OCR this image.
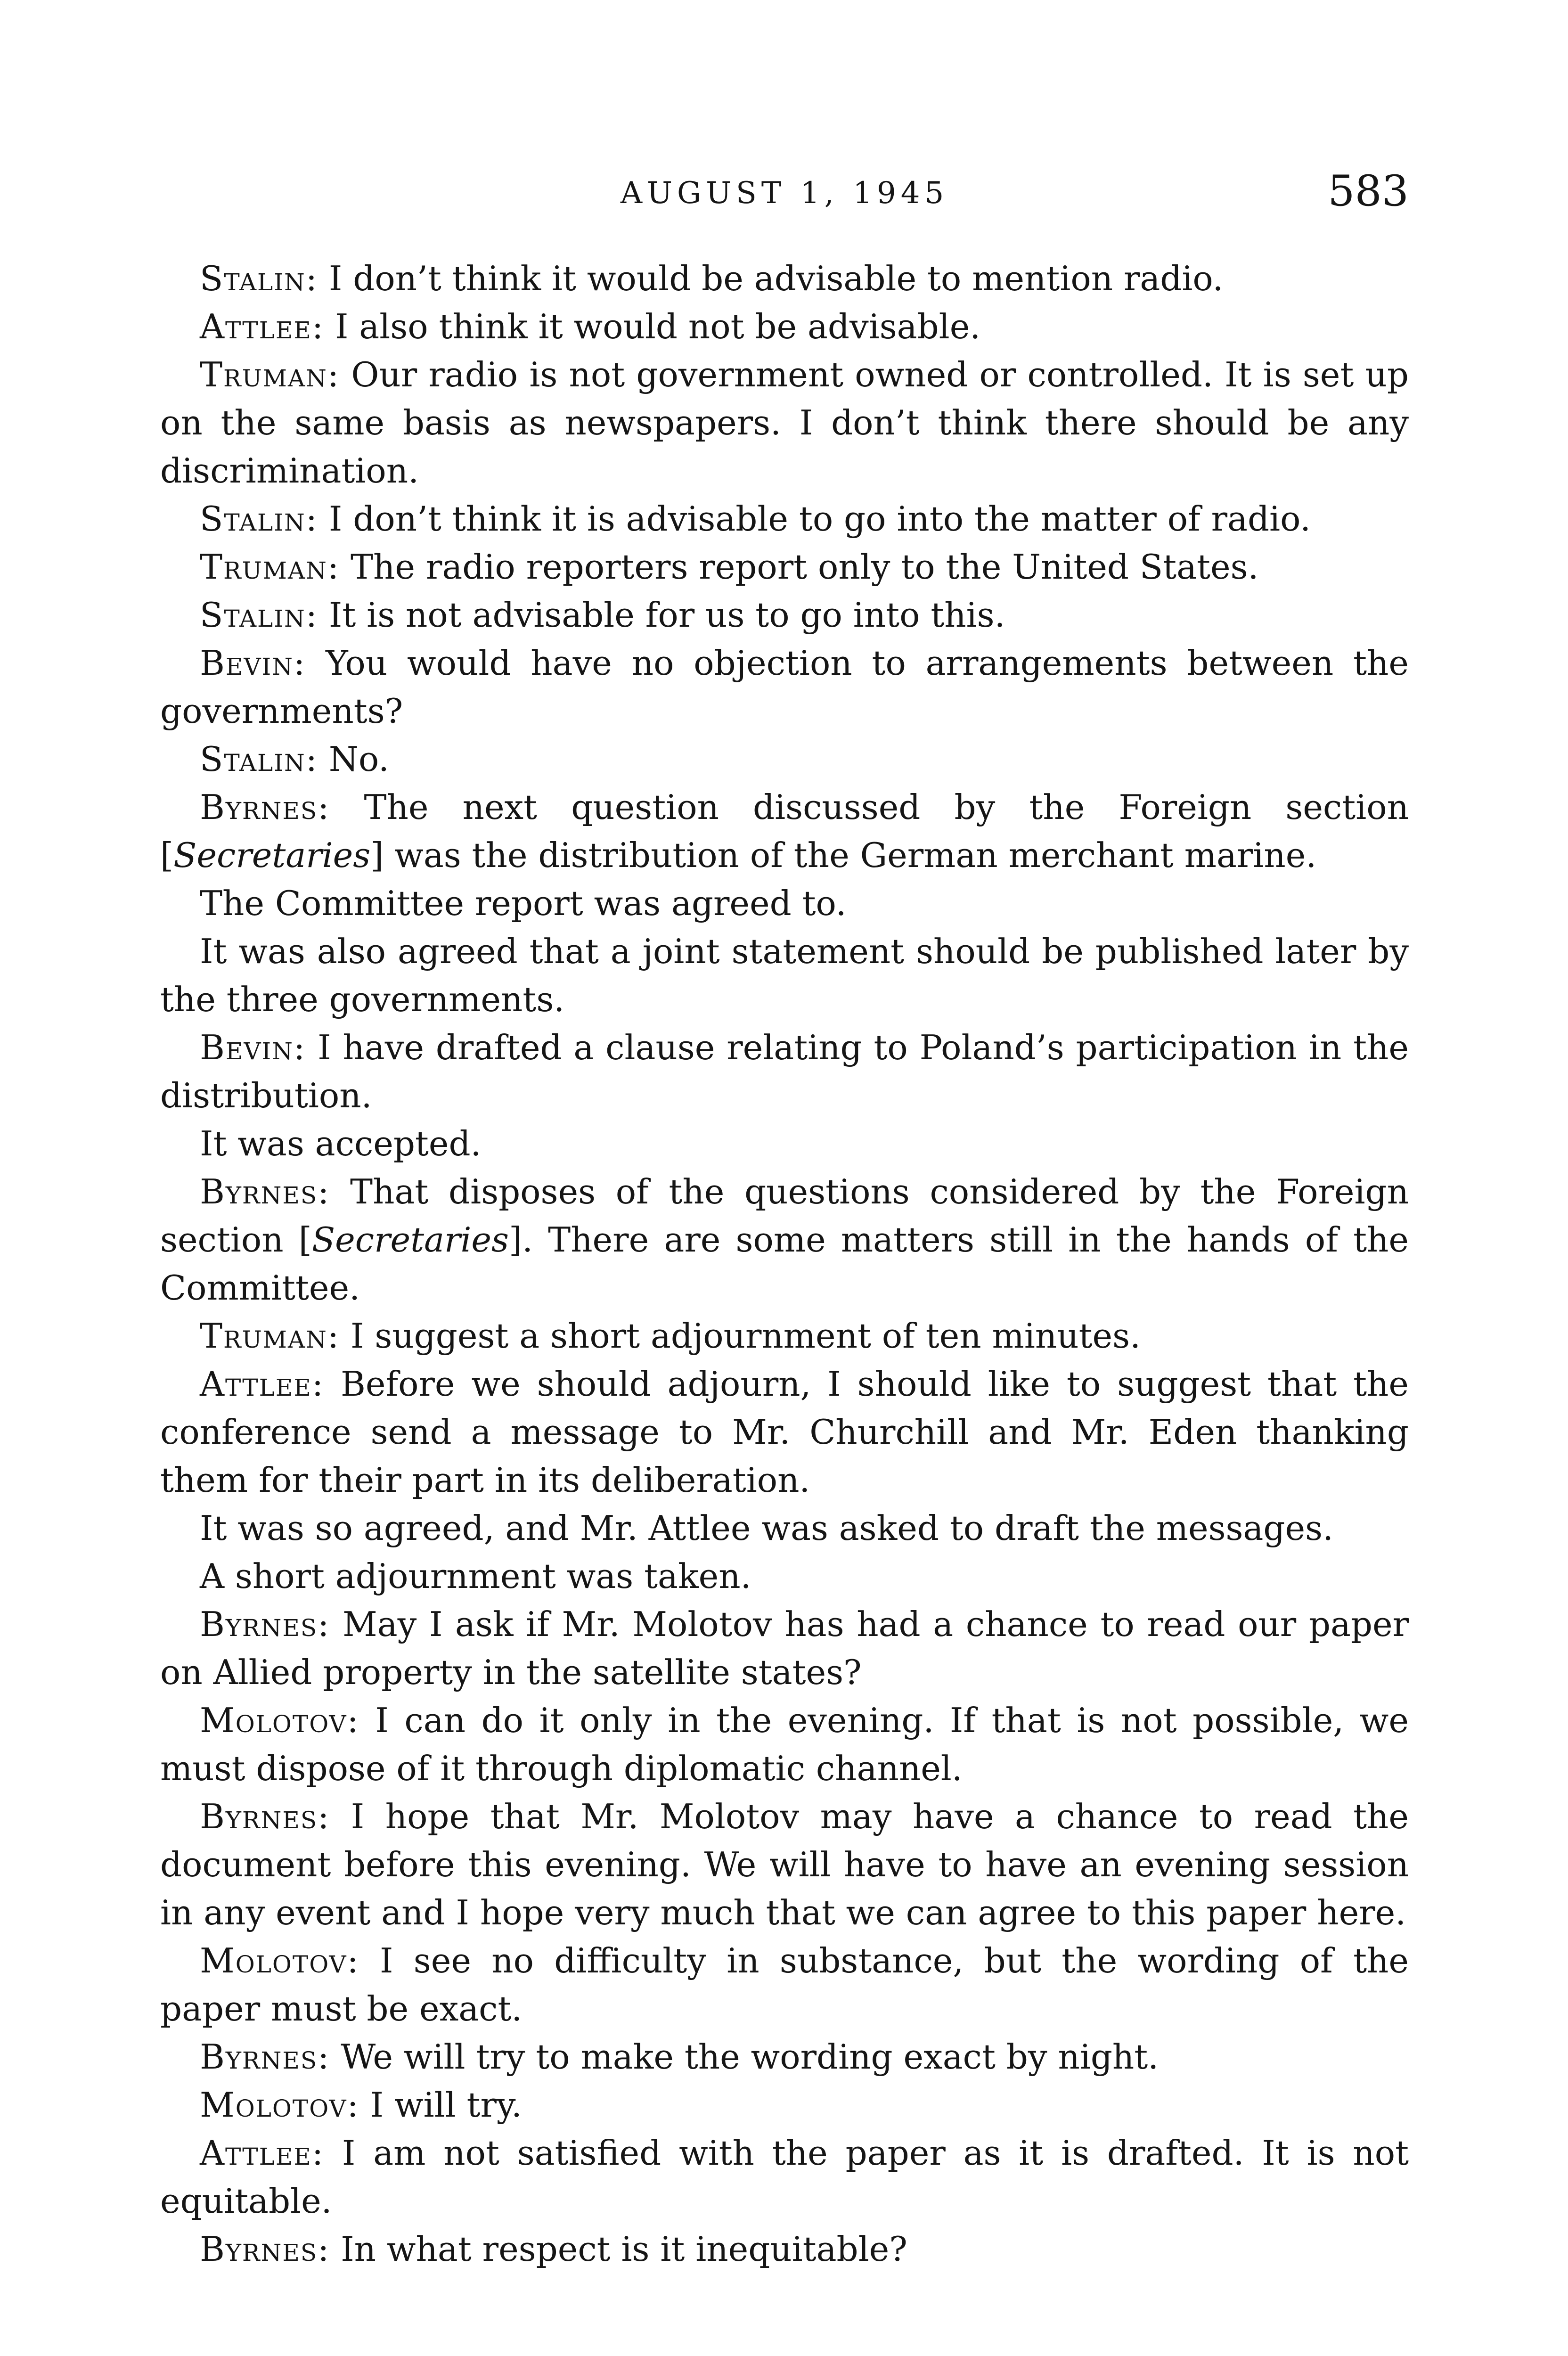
AUGUST 1, 1945	583

Stalin: I don’t think it would be advisable to mention radio.

Attlee: I also think it would not be advisable.

Truman: Our radio is not government owned or controlled. It is set up on the same basis as newspapers. I don’t think there should be any discrimination.

Stalin: I don’t think it is advisable to go into the matter of radio.

Truman: The radio reporters report only to the United States.

Stalin: It is not advisable for us to go into this.

Bevin: You would have no objection to arrangements between the governments?

Stalin: No.

Byrnes: The next question discussed by the Foreign section [Secretaries] was the distribution of the German merchant marine.

The Committee report was agreed to.

It was also agreed that a joint statement should be published later by the three governments.

Bevin: I have drafted a clause relating to Poland’s participation in the distribution.

It was accepted.

Byrnes: That disposes of the questions considered by the Foreign section [Secretaries]. There are some matters still in the hands of the Committee.

Truman: I suggest a short adjournment of ten minutes.

Attlee: Before we should adjourn, I should like to suggest that the conference send a message to Mr. Churchill and Mr. Eden thanking them for their part in its deliberation.

It was so agreed, and Mr. Attlee was asked to draft the messages.

A short adjournment was taken.

Byrnes: May I ask if Mr. Molotov has had a chance to read our paper on Allied property in the satellite states?

Molotov: I can do it only in the evening. If that is not possible, we must dispose of it through diplomatic channel.

Byrnes: I hope that Mr. Molotov may have a chance to read the document before this evening. We will have to have an evening session in any event and I hope very much that we can agree to this paper here.

Molotov: I see no difficulty in substance, but the wording of the paper must be exact.

Byrnes: We will try to make the wording exact by night.

Molotov: I will try.

Attlee: I am not satisfied with the paper as it is drafted. It is not equitable.

Byrnes: In what respect is it inequitable?
